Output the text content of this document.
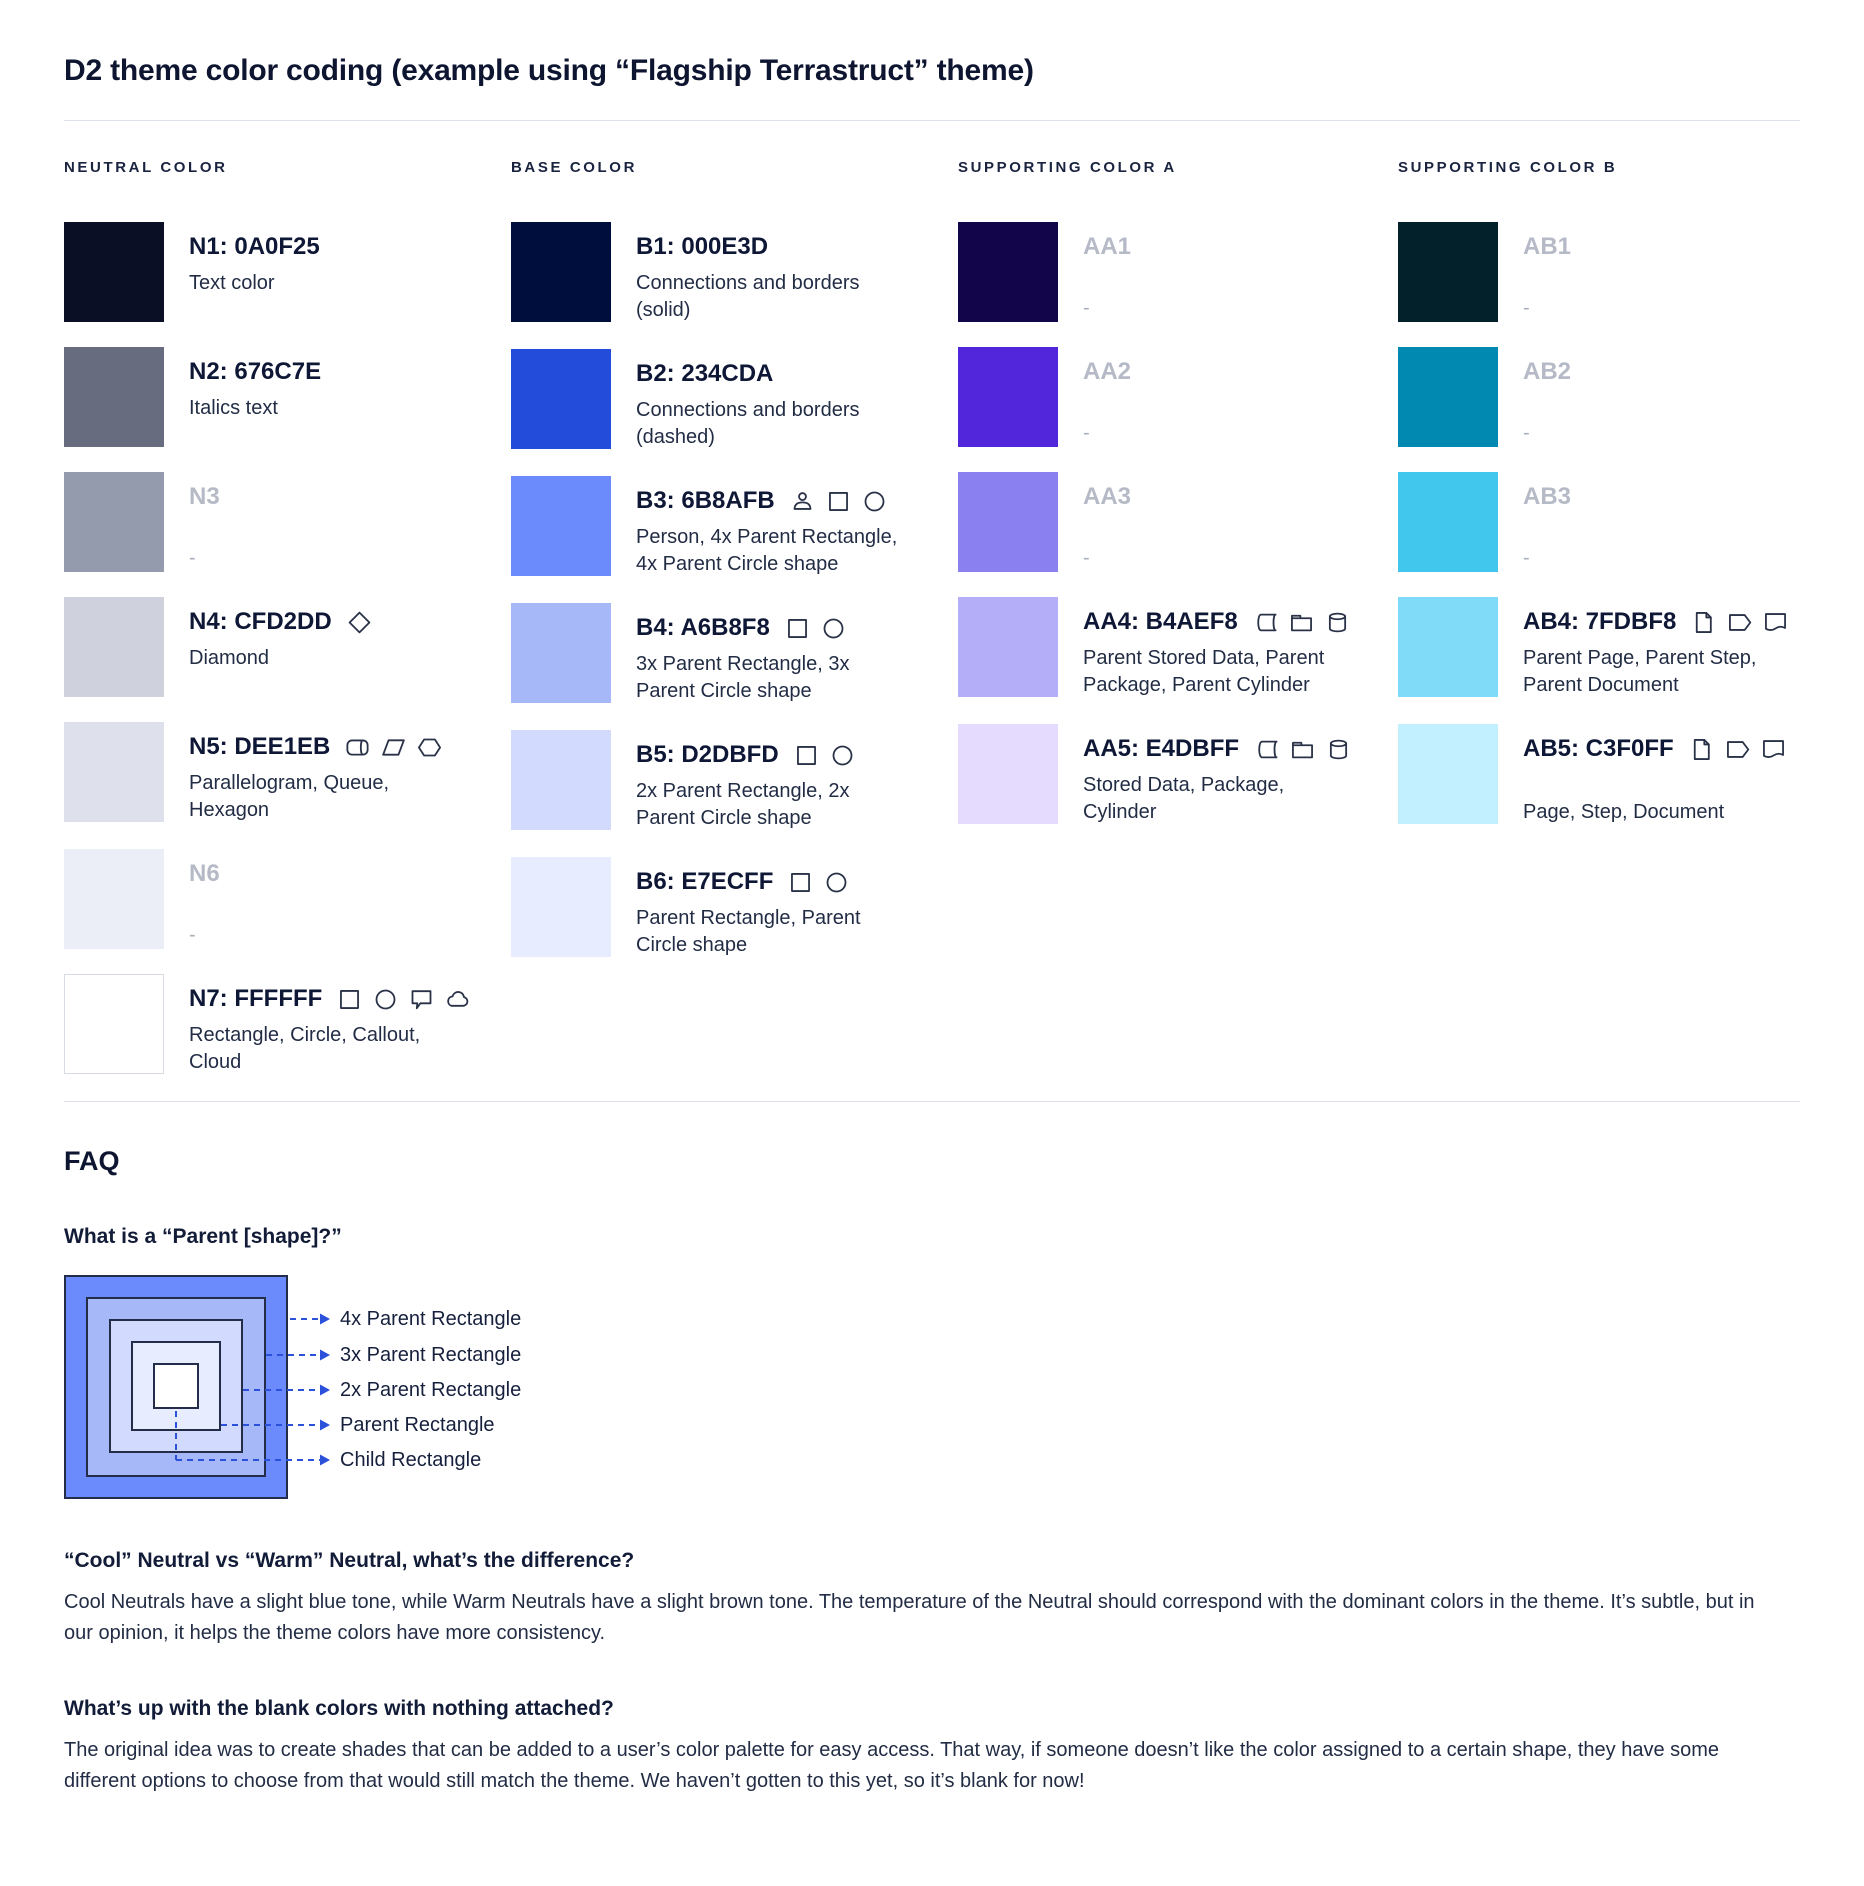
D2 theme color coding (example using “Flagship Terrastruct” theme)
NEUTRAL COLOR
N1: 0A0F25
Text color
N2: 676C7E
Italics text
N3
-
N4: CFD2DD
Diamond
N5: DEE1EB
Parallelogram, Queue, Hexagon
N6
-
N7: FFFFFF
Rectangle, Circle, Callout, Cloud
BASE COLOR
B1: 000E3D
Connections and borders (solid)
B2: 234CDA
Connections and borders (dashed)
B3: 6B8AFB
Person, 4x Parent Rectangle, 4x Parent Circle shape
B4: A6B8F8
3x Parent Rectangle, 3x Parent Circle shape
B5: D2DBFD
2x Parent Rectangle, 2x Parent Circle shape
B6: E7ECFF
Parent Rectangle, Parent Circle shape
SUPPORTING COLOR A
AA1
-
AA2
-
AA3
-
AA4: B4AEF8
Parent Stored Data, Parent Package, Parent Cylinder
AA5: E4DBFF
Stored Data, Package, Cylinder
SUPPORTING COLOR B
AB1
-
AB2
-
AB3
-
AB4: 7FDBF8
Parent Page, Parent Step, Parent Document
AB5: C3F0FF
Page, Step, Document
FAQ
What is a “Parent [shape]?”
4x Parent Rectangle
3x Parent Rectangle
2x Parent Rectangle
Parent Rectangle
Child Rectangle
“Cool” Neutral vs “Warm” Neutral, what’s the difference?
Cool Neutrals have a slight blue tone, while Warm Neutrals have a slight brown tone. The temperature of the Neutral should correspond with the dominant colors in the theme. It’s subtle, but in our opinion, it helps the theme colors have more consistency.
What’s up with the blank colors with nothing attached?
The original idea was to create shades that can be added to a user’s color palette for easy access. That way, if someone doesn’t like the color assigned to a certain shape, they have some different options to choose from that would still match the theme. We haven’t gotten to this yet, so it’s blank for now!
